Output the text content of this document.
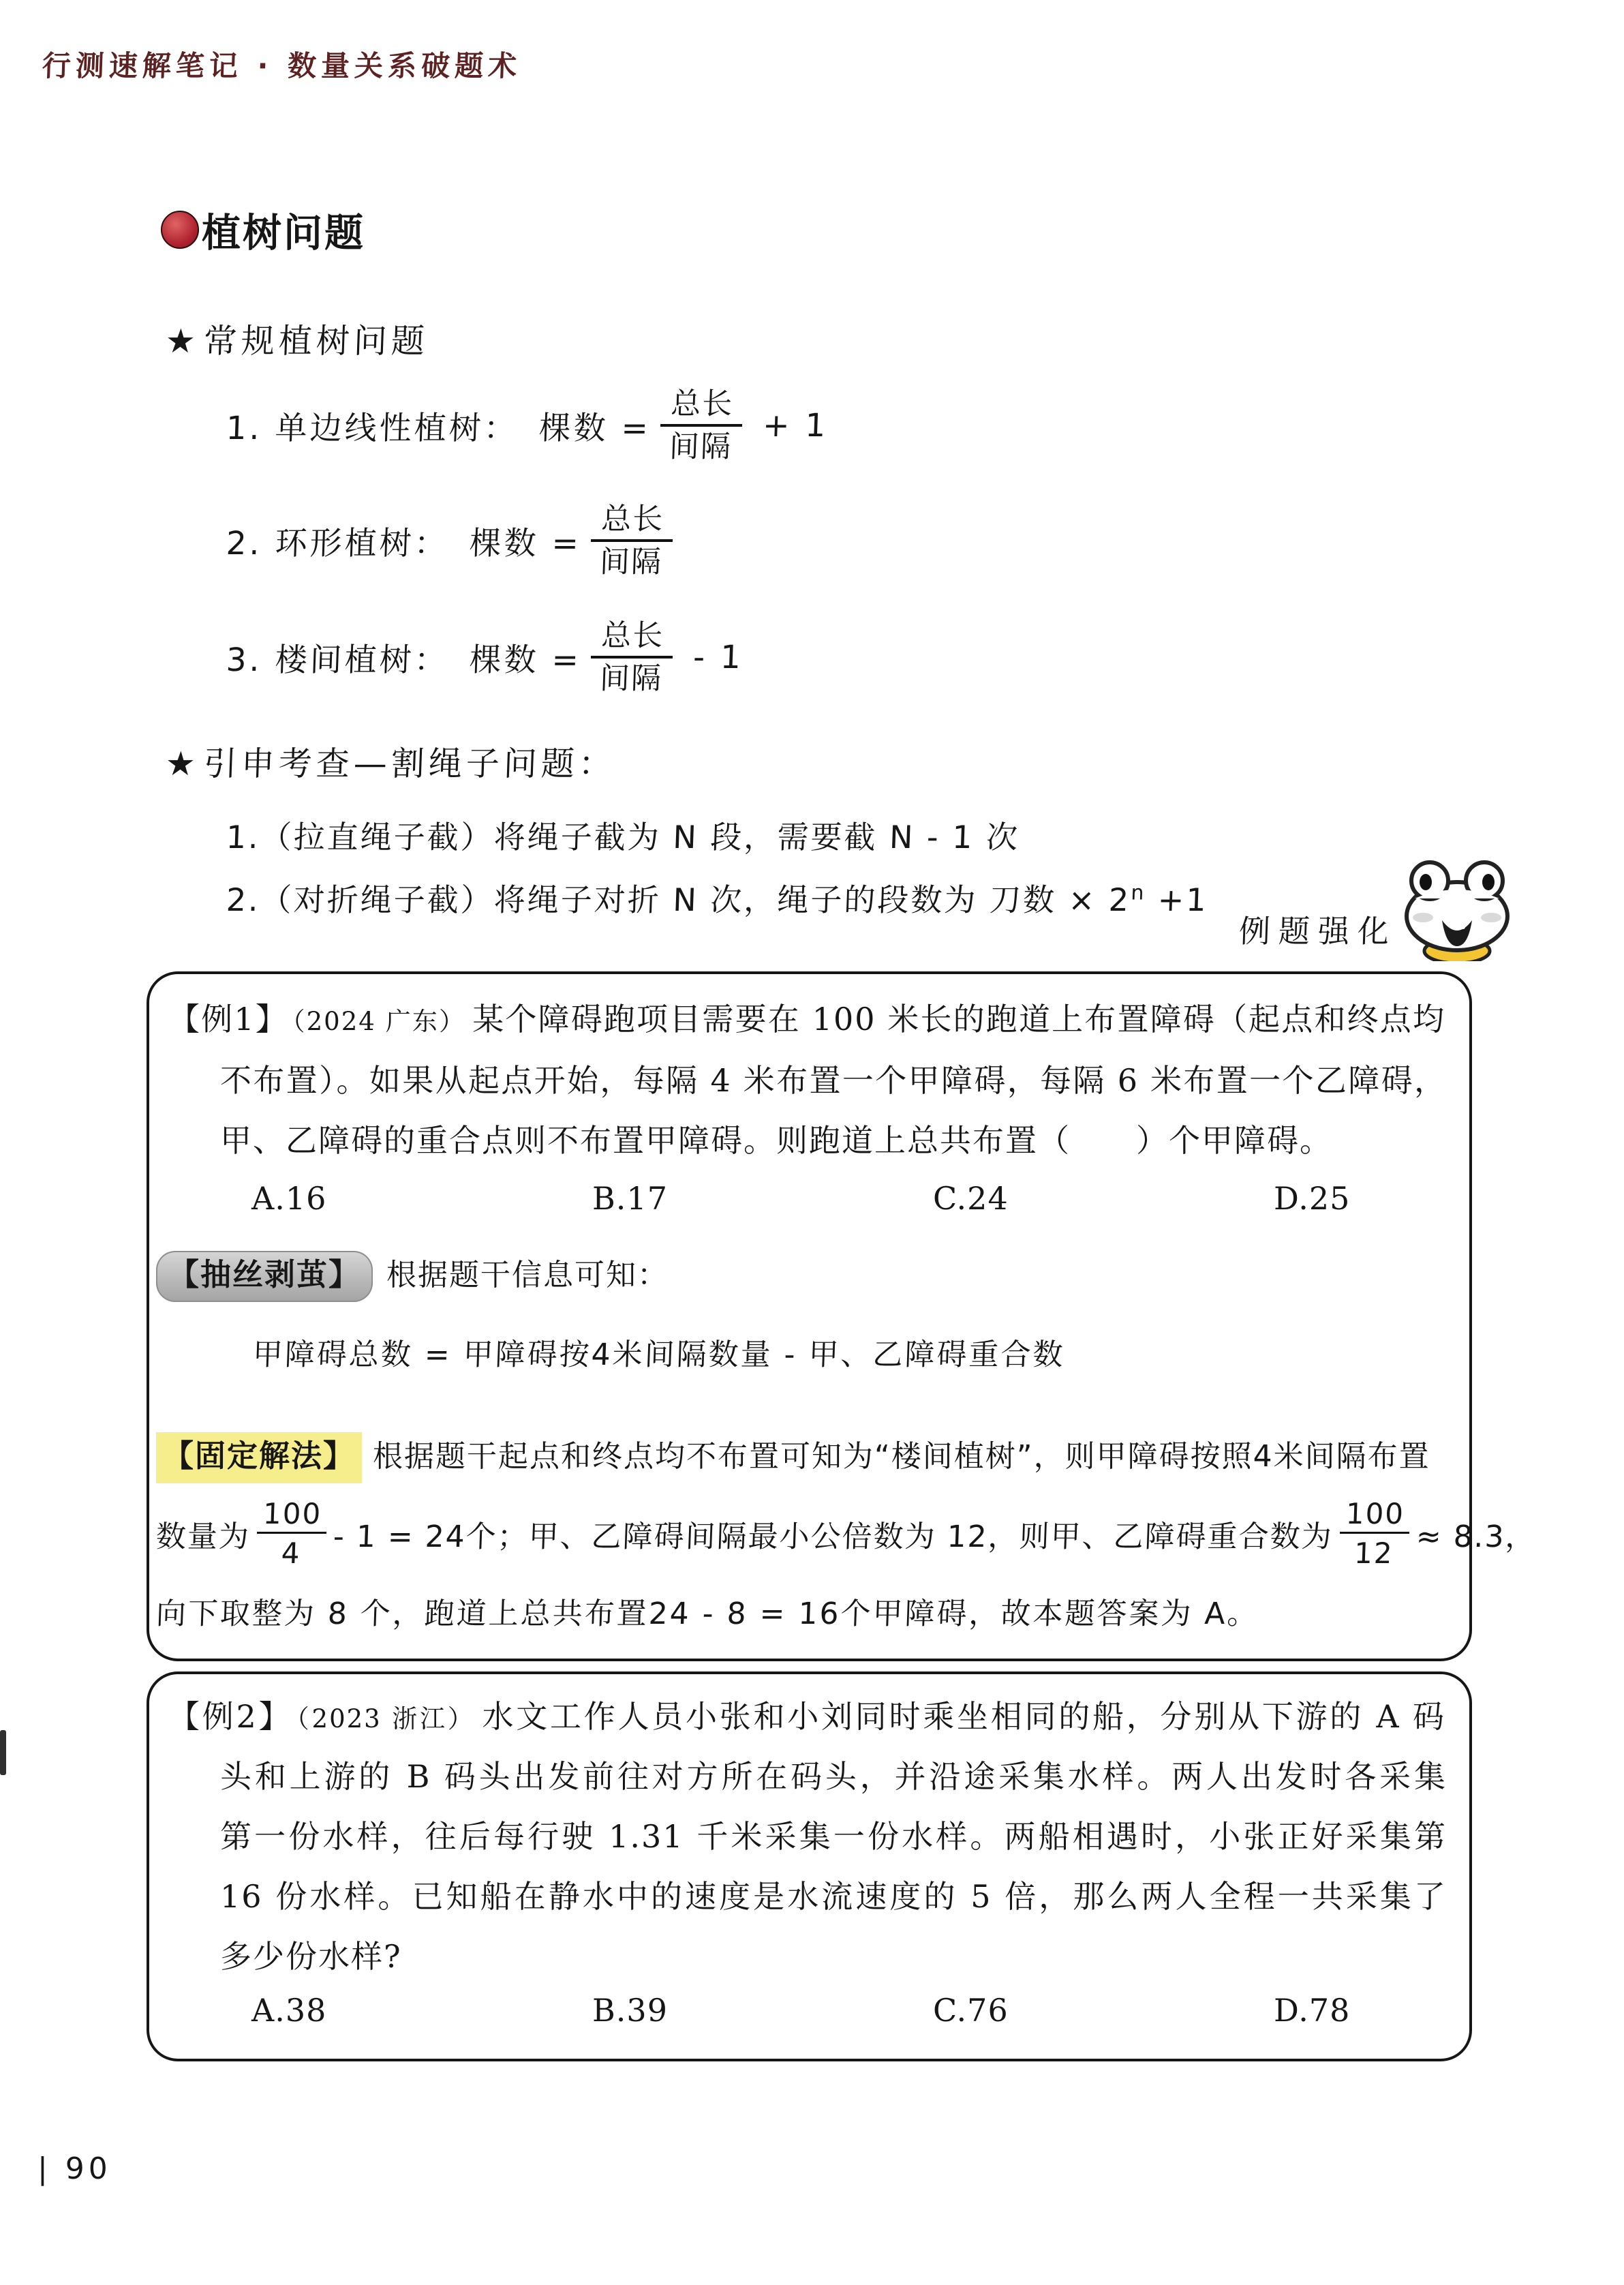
行测速解笔记 · 数量关系破题术
植树问题
★ 常规植树问题
1. 单边线性植树： 棵数 = $\frac{\text{总长}}{\text{间隔}} + 1$
2. 环形植树： 棵数 = $\frac{\text{总长}}{\text{间隔}}$
3. 楼间植树： 棵数 = $\frac{\text{总长}}{\text{间隔}} - 1$
★ 引申考查—割绳子问题：
1.（拉直绳子截）将绳子截为 N 段，需要截 N - 1 次
2.（对折绳子截）将绳子对折 N 次，绳子的段数为 刀数 × $2^n +1$
例题强化
【例1】 （2024 广东） 某个障碍跑项目需要在 100 米长的跑道上布置障碍（起点和终点均
不布置）。如果从起点开始，每隔 4 米布置一个甲障碍，每隔 6 米布置一个乙障碍，
甲、乙障碍的重合点则不布置甲障碍。则跑道上总共布置（　　）个甲障碍。
A.16	B.17	C.24	D.25
【抽丝剥茧】 根据题干信息可知：
甲障碍总数 = 甲障碍按4米间隔数量 - 甲、乙障碍重合数
【固定解法】 根据题干起点和终点均不布置可知为“楼间植树”，则甲障碍按照4米间隔布置
数量为 $\frac{100}{4} - 1 = 24$个；甲、乙障碍间隔最小公倍数为 12，则甲、乙障碍重合数为 $\frac{100}{12} \approx 8.3$，
向下取整为 8 个，跑道上总共布置24 - 8 = 16个甲障碍，故本题答案为 A。
【例2】 （2023 浙江） 水文工作人员小张和小刘同时乘坐相同的船，分别从下游的 A 码
头和上游的 B 码头出发前往对方所在码头，并沿途采集水样。两人出发时各采集
第一份水样，往后每行驶 1.31 千米采集一份水样。两船相遇时，小张正好采集第
16 份水样。已知船在静水中的速度是水流速度的 5 倍，那么两人全程一共采集了
多少份水样?
A.38	B.39	C.76	D.78
| 90
